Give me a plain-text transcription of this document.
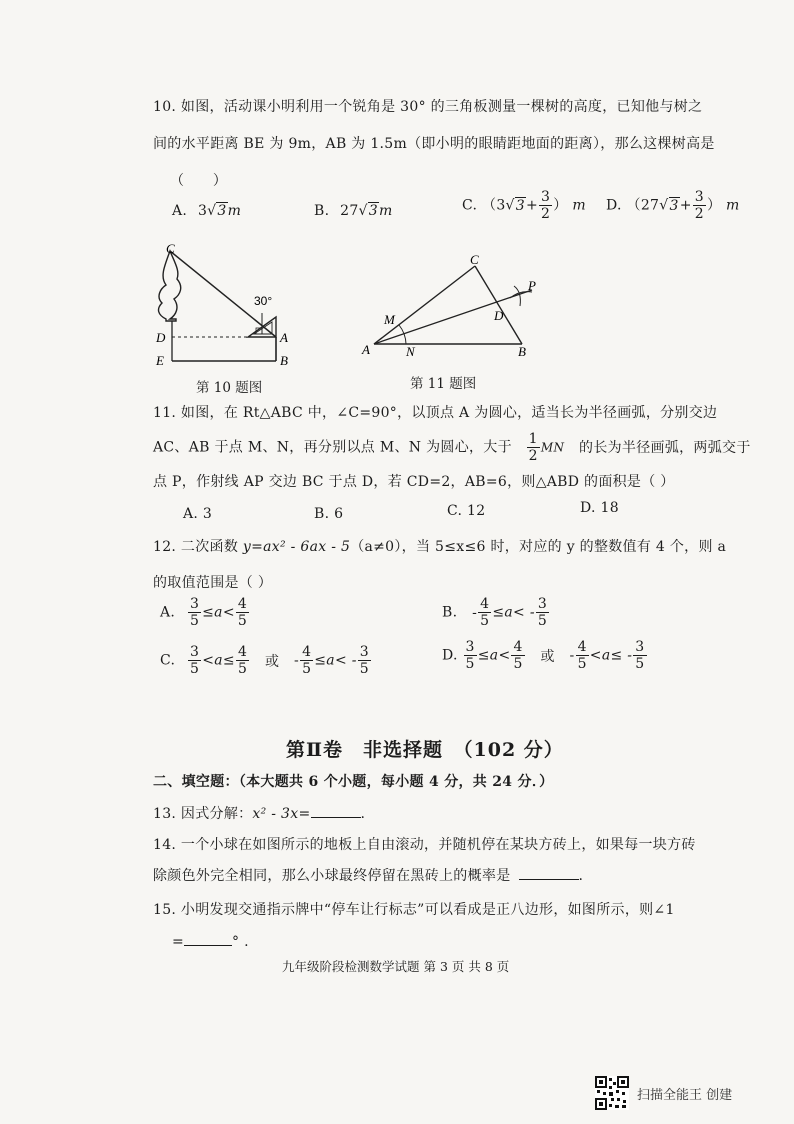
10. 如图，活动课小明利用一个锐角是 30° 的三角板测量一棵树的高度，已知他与树之
间的水平距离 BE 为 9m，AB 为 1.5m（即小明的眼睛距地面的距离），那么这棵树高是
（　　）
A. 3√3m	B. 27√3m	C. （$3√3+ \frac{3}{2}$ ） m D. （$27√3+ \frac{3}{2}$ ） m
C
D
E
A
B
30°
第 10 题图
C
P
M	D
A	N	B
第 11 题图
11. 如图，在 Rt△ABC 中，∠C=90°，以顶点 A 为圆心，适当长为半径画弧，分别交边
AC、AB 于点 M、N，再分别以点 M、N 为圆心，大于 $\frac{1}{2}$ MN 的长为半径画弧，两弧交于
点 P，作射线 AP 交边 BC 于点 D，若 CD=2，AB=6，则△ABD 的面积是（ ）
A. 3	B. 6	C. 12	D. 18
12. 二次函数 y=ax² - 6ax - 5（a≠0），当 5≤x≤6 时，对应的 y 的整数值有 4 个，则 a
的取值范围是（ ）
A. $\frac{3}{5} \le a< \frac{4}{5}$	B. - $\frac{4}{5} \le a< - \frac{3}{5}$
C. $\frac{3}{5} <a\le \frac{4}{5}$ 或 - $\frac{4}{5} \le a< - \frac{3}{5}$	D. $\frac{3}{5} \le a< \frac{4}{5}$ 或 - $\frac{4}{5} <a\le - \frac{3}{5}$
第Ⅱ卷　非选择题　（102 分）
二、填空题：（本大题共 6 个小题，每小题 4 分，共 24 分．）
13. 因式分解：x² - 3x=	.
14. 一个小球在如图所示的地板上自由滚动，并随机停在某块方砖上，如果每一块方砖
除颜色外完全相同，那么小球最终停留在黑砖上的概率是	.
15. 小明发现交通指示牌中“停车让行标志”可以看成是正八边形，如图所示，则∠1
=	° .
九年级阶段检测数学试题 第 3 页 共 8 页
扫描全能王 创建
